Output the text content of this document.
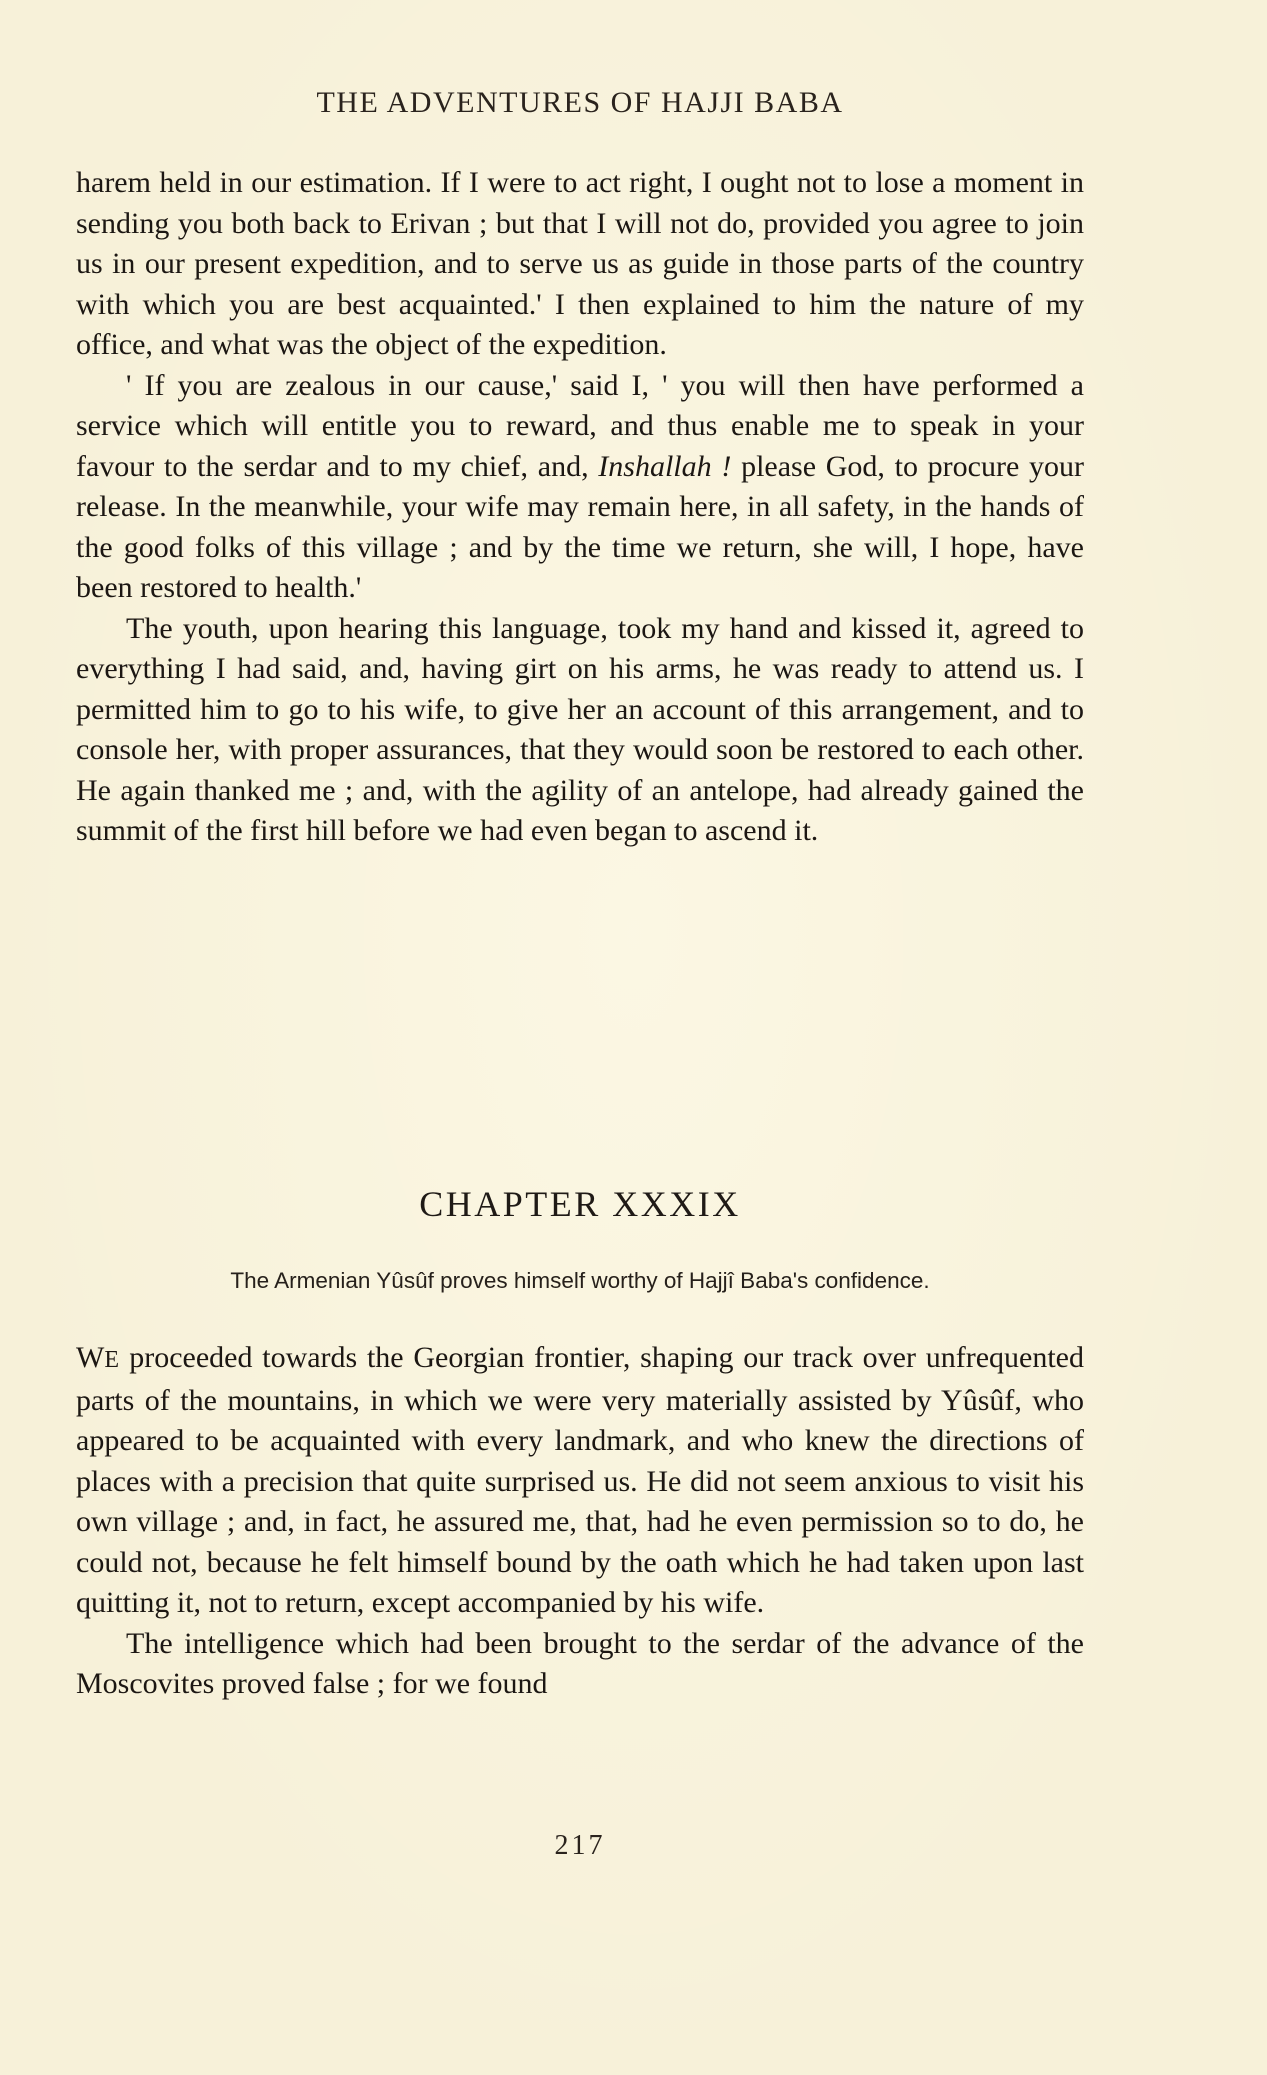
THE ADVENTURES OF HAJJI BABA

harem held in our estimation. If I were to act right, I ought not to lose a moment in sending you both back to Erivan ; but that I will not do, provided you agree to join us in our present expedition, and to serve us as guide in those parts of the country with which you are best acquainted.' I then explained to him the nature of my office, and what was the object of the expedition.

' If you are zealous in our cause,' said I, ' you will then have performed a service which will entitle you to reward, and thus enable me to speak in your favour to the serdar and to my chief, and, Inshallah ! please God, to procure your release. In the meanwhile, your wife may remain here, in all safety, in the hands of the good folks of this village ; and by the time we return, she will, I hope, have been restored to health.'

The youth, upon hearing this language, took my hand and kissed it, agreed to everything I had said, and, having girt on his arms, he was ready to attend us. I permitted him to go to his wife, to give her an account of this arrangement, and to console her, with proper assurances, that they would soon be restored to each other. He again thanked me ; and, with the agility of an antelope, had already gained the summit of the first hill before we had even began to ascend it.

CHAPTER XXXIX
The Armenian Yûsûf proves himself worthy of Hajjî Baba's confidence.

WE proceeded towards the Georgian frontier, shaping our track over unfrequented parts of the mountains, in which we were very materially assisted by Yûsûf, who appeared to be acquainted with every landmark, and who knew the directions of places with a precision that quite surprised us. He did not seem anxious to visit his own village ; and, in fact, he assured me, that, had he even permission so to do, he could not, because he felt himself bound by the oath which he had taken upon last quitting it, not to return, except accompanied by his wife.

The intelligence which had been brought to the serdar of the advance of the Moscovites proved false ; for we found

217
